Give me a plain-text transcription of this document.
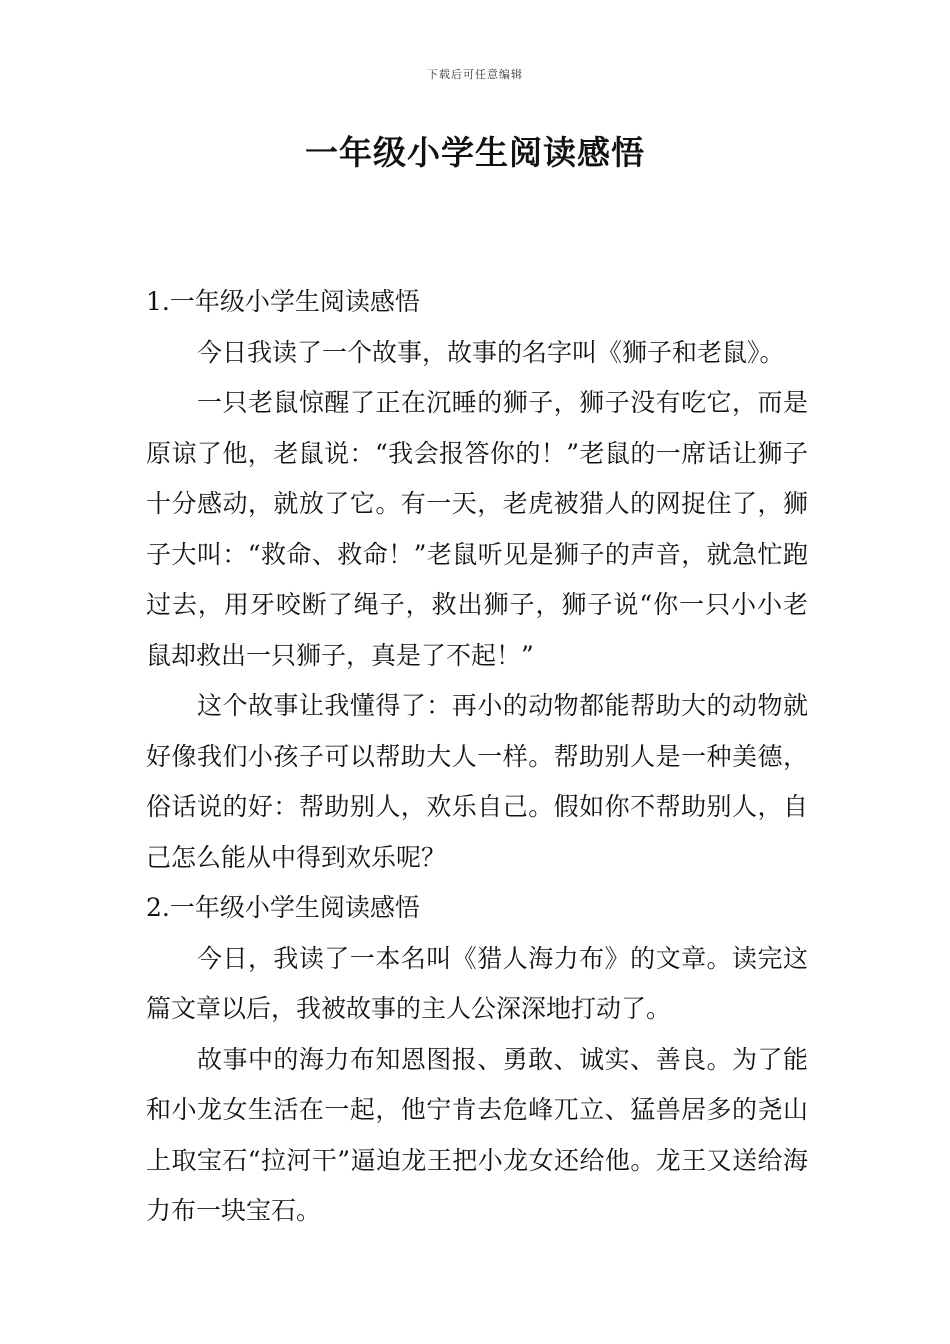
下载后可任意编辑
一年级小学生阅读感悟

1.一年级小学生阅读感悟

今日我读了一个故事，故事的名字叫《狮子和老鼠》。

一只老鼠惊醒了正在沉睡的狮子，狮子没有吃它，而是原谅了他，老鼠说：“我会报答你的！”老鼠的一席话让狮子十分感动，就放了它。有一天，老虎被猎人的网捉住了，狮子大叫：“救命、救命！”老鼠听见是狮子的声音，就急忙跑过去，用牙咬断了绳子，救出狮子，狮子说“你一只小小老鼠却救出一只狮子，真是了不起！”

这个故事让我懂得了：再小的动物都能帮助大的动物就好像我们小孩子可以帮助大人一样。帮助别人是一种美德，俗话说的好：帮助别人，欢乐自己。假如你不帮助别人，自己怎么能从中得到欢乐呢？

2.一年级小学生阅读感悟

今日，我读了一本名叫《猎人海力布》的文章。读完这篇文章以后，我被故事的主人公深深地打动了。

故事中的海力布知恩图报、勇敢、诚实、善良。为了能和小龙女生活在一起，他宁肯去危峰兀立、猛兽居多的尧山上取宝石“拉河干”逼迫龙王把小龙女还给他。龙王又送给海力布一块宝石。
